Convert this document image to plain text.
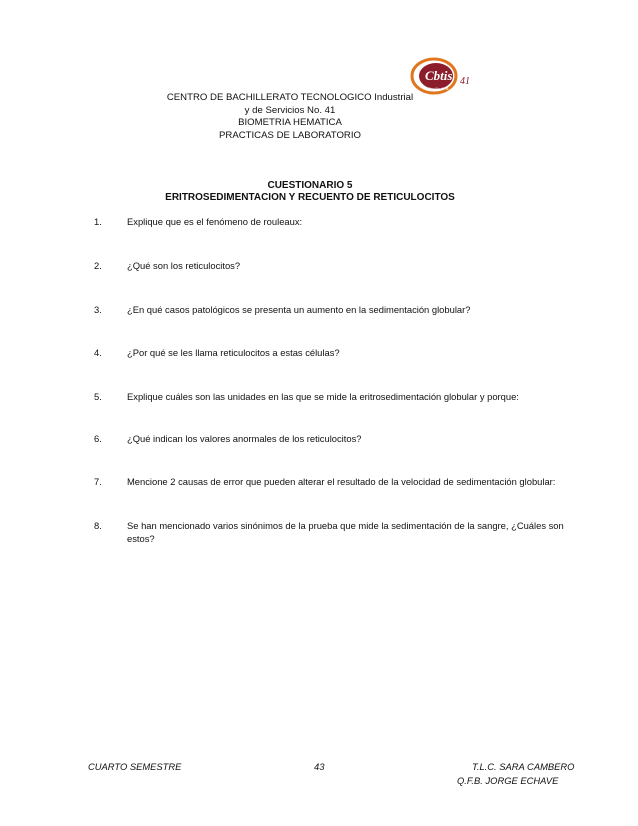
Cbtis 41
Cecilio A. B.
CENTRO DE BACHILLERATO TECNOLOGICO Industrial
y de Servicios No. 41
BIOMETRIA HEMATICA
PRACTICAS DE LABORATORIO
CUESTIONARIO 5
ERITROSEDIMENTACION Y RECUENTO DE RETICULOCITOS
1.	Explique que es el fenómeno de rouleaux:
2.	¿Qué son los reticulocitos?
3.	¿En qué casos patológicos se presenta un aumento en la sedimentación globular?
4.	¿Por qué se les llama reticulocitos a estas células?
5.	Explique cuáles son las unidades en las que se mide la eritrosedimentación globular y porque:
6.	¿Qué indican los valores anormales de los reticulocitos?
7.	Mencione 2 causas de error que pueden alterar el resultado de la velocidad de sedimentación globular:
8.	Se han mencionado varios sinónimos de la prueba que mide la sedimentación de la sangre, ¿Cuáles son estos?
CUARTO SEMESTRE	43	T.L.C. SARA CAMBERO
Q.F.B. JORGE ECHAVE
